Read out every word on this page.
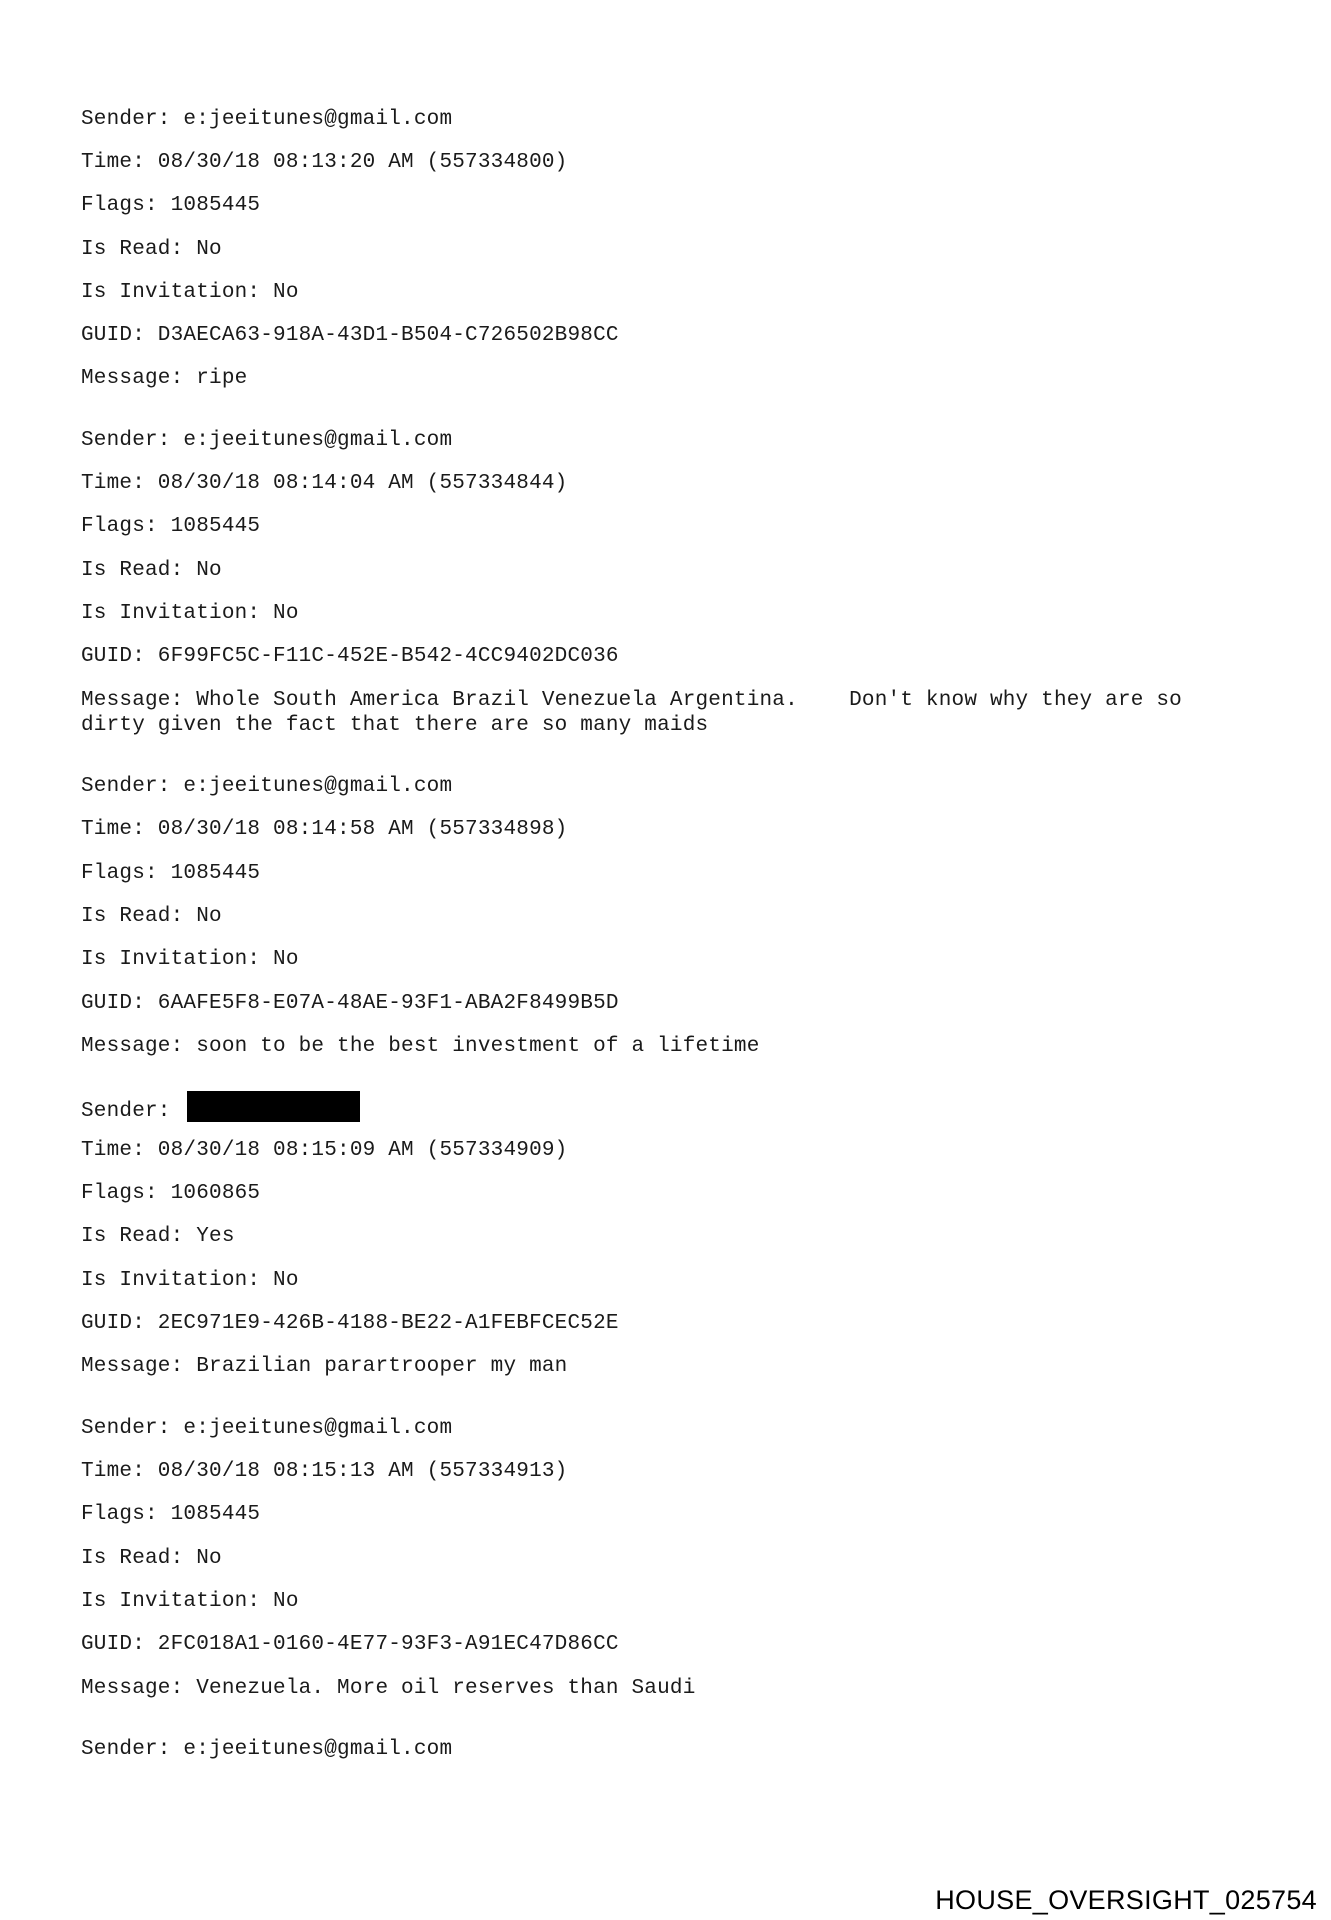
Sender: e:jeeitunes@gmail.com
Time: 08/30/18 08:13:20 AM (557334800)
Flags: 1085445
Is Read: No
Is Invitation: No
GUID: D3AECA63-918A-43D1-B504-C726502B98CC
Message: ripe
Sender: e:jeeitunes@gmail.com
Time: 08/30/18 08:14:04 AM (557334844)
Flags: 1085445
Is Read: No
Is Invitation: No
GUID: 6F99FC5C-F11C-452E-B542-4CC9402DC036
Message: Whole South America Brazil Venezuela Argentina.    Don't know why they are so
dirty given the fact that there are so many maids
Sender: e:jeeitunes@gmail.com
Time: 08/30/18 08:14:58 AM (557334898)
Flags: 1085445
Is Read: No
Is Invitation: No
GUID: 6AAFE5F8-E07A-48AE-93F1-ABA2F8499B5D
Message: soon to be the best investment of a lifetime
Sender:
Time: 08/30/18 08:15:09 AM (557334909)
Flags: 1060865
Is Read: Yes
Is Invitation: No
GUID: 2EC971E9-426B-4188-BE22-A1FEBFCEC52E
Message: Brazilian parartrooper my man
Sender: e:jeeitunes@gmail.com
Time: 08/30/18 08:15:13 AM (557334913)
Flags: 1085445
Is Read: No
Is Invitation: No
GUID: 2FC018A1-0160-4E77-93F3-A91EC47D86CC
Message: Venezuela. More oil reserves than Saudi
Sender: e:jeeitunes@gmail.com
HOUSE_OVERSIGHT_025754
